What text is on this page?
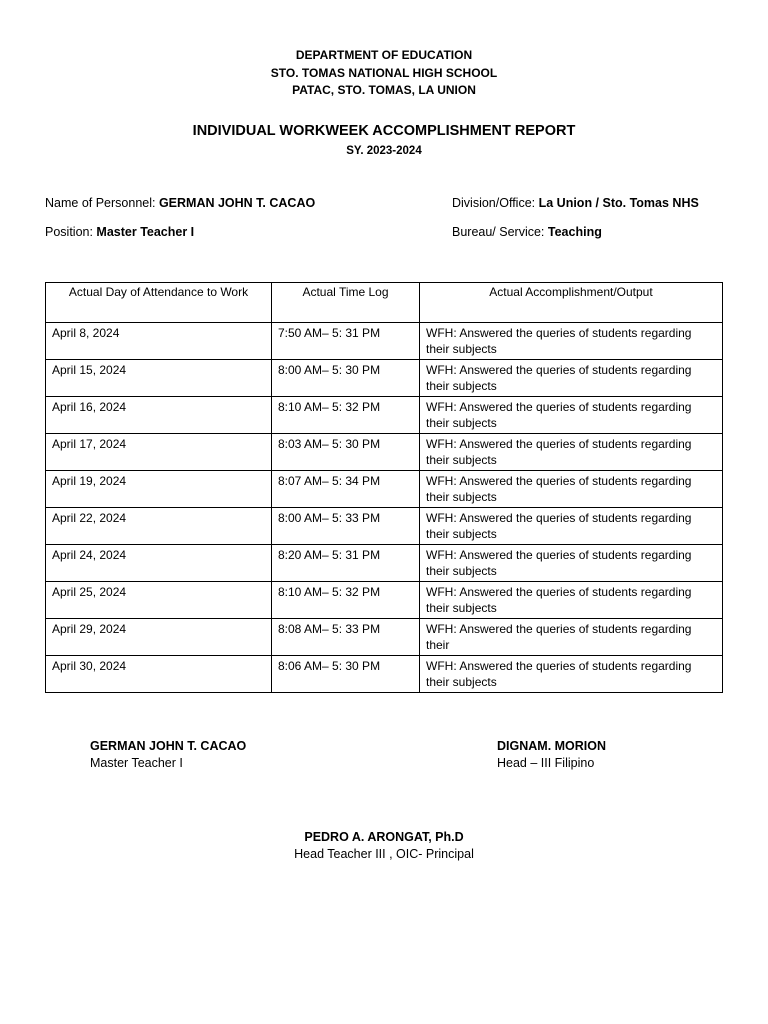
DEPARTMENT OF EDUCATION
STO. TOMAS NATIONAL HIGH SCHOOL
PATAC, STO. TOMAS, LA UNION
INDIVIDUAL WORKWEEK ACCOMPLISHMENT REPORT
SY. 2023-2024
Name of Personnel: GERMAN JOHN T. CACAO
Position: Master Teacher I
Division/Office: La Union / Sto. Tomas NHS
Bureau/ Service: Teaching
Actual Day of Attendance to Work	Actual Time Log	Actual Accomplishment/Output
April 8, 2024	7:50 AM– 5: 31 PM	WFH: Answered the queries of students regarding their subjects
April 15, 2024	8:00 AM– 5: 30 PM	WFH: Answered the queries of students regarding their subjects
April 16, 2024	8:10 AM– 5: 32 PM	WFH: Answered the queries of students regarding their subjects
April 17, 2024	8:03 AM– 5: 30 PM	WFH: Answered the queries of students regarding their subjects
April 19, 2024	8:07 AM– 5: 34 PM	WFH: Answered the queries of students regarding their subjects
April 22, 2024	8:00 AM– 5: 33 PM	WFH: Answered the queries of students regarding their subjects
April 24, 2024	8:20 AM– 5: 31 PM	WFH: Answered the queries of students regarding their subjects
April 25, 2024	8:10 AM– 5: 32 PM	WFH: Answered the queries of students regarding their subjects
April 29, 2024	8:08 AM– 5: 33 PM	WFH: Answered the queries of students regarding their
April 30, 2024	8:06 AM– 5: 30 PM	WFH: Answered the queries of students regarding their subjects
GERMAN JOHN T. CACAO
Master Teacher I
DIGNAM. MORION
Head – III Filipino
PEDRO A. ARONGAT, Ph.D
Head Teacher III , OIC- Principal
